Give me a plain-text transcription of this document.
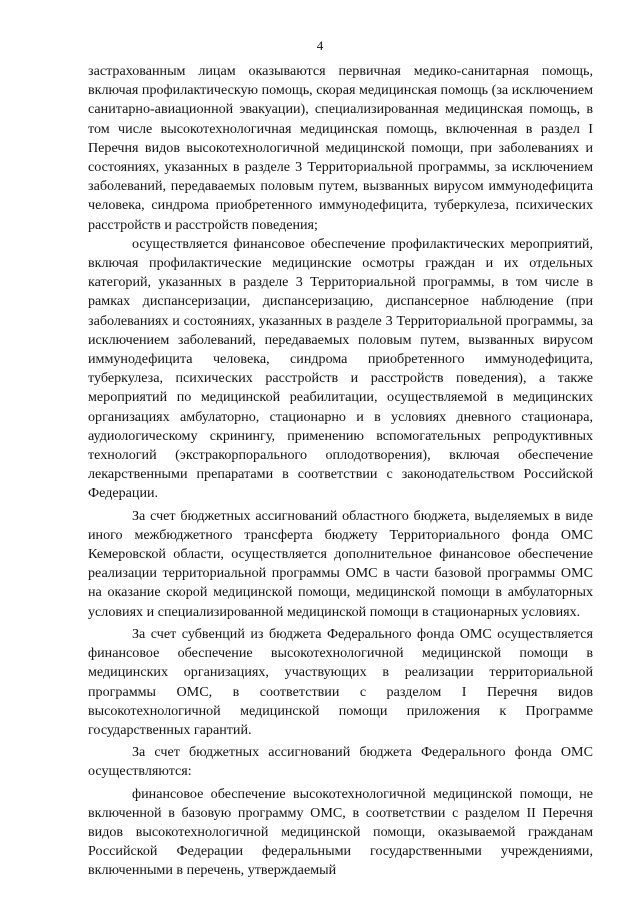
4

застрахованным лицам оказываются первичная медико-санитарная помощь, включая профилактическую помощь, скорая медицинская помощь (за исключением санитарно-авиационной эвакуации), специализированная медицинская помощь, в том числе высокотехнологичная медицинская помощь, включенная в раздел I Перечня видов высокотехнологичной медицинской помощи, при заболеваниях и состояниях, указанных в разделе 3 Территориальной программы, за исключением заболеваний, передаваемых половым путем, вызванных вирусом иммунодефицита человека, синдрома приобретенного иммунодефицита, туберкулеза, психических расстройств и расстройств поведения;

осуществляется финансовое обеспечение профилактических мероприятий, включая профилактические медицинские осмотры граждан и их отдельных категорий, указанных в разделе 3 Территориальной программы, в том числе в рамках диспансеризации, диспансеризацию, диспансерное наблюдение (при заболеваниях и состояниях, указанных в разделе 3 Территориальной программы, за исключением заболеваний, передаваемых половым путем, вызванных вирусом иммунодефицита человека, синдрома приобретенного иммунодефицита, туберкулеза, психических расстройств и расстройств поведения), а также мероприятий по медицинской реабилитации, осуществляемой в медицинских организациях амбулаторно, стационарно и в условиях дневного стационара, аудиологическому скринингу, применению вспомогательных репродуктивных технологий (экстракорпорального оплодотворения), включая обеспечение лекарственными препаратами в соответствии с законодательством Российской Федерации.

За счет бюджетных ассигнований областного бюджета, выделяемых в виде иного межбюджетного трансферта бюджету Территориального фонда ОМС Кемеровской области, осуществляется дополнительное финансовое обеспечение реализации территориальной программы ОМС в части базовой программы ОМС на оказание скорой медицинской помощи, медицинской помощи в амбулаторных условиях и специализированной медицинской помощи в стационарных условиях.

За счет субвенций из бюджета Федерального фонда ОМС осуществляется финансовое обеспечение высокотехнологичной медицинской помощи в медицинских организациях, участвующих в реализации территориальной программы ОМС, в соответствии с разделом I Перечня видов высокотехнологичной медицинской помощи приложения к Программе государственных гарантий.

За счет бюджетных ассигнований бюджета Федерального фонда ОМС осуществляются:

финансовое обеспечение высокотехнологичной медицинской помощи, не включенной в базовую программу ОМС, в соответствии с разделом II Перечня видов высокотехнологичной медицинской помощи, оказываемой гражданам Российской Федерации федеральными государственными учреждениями, включенными в перечень, утверждаемый
